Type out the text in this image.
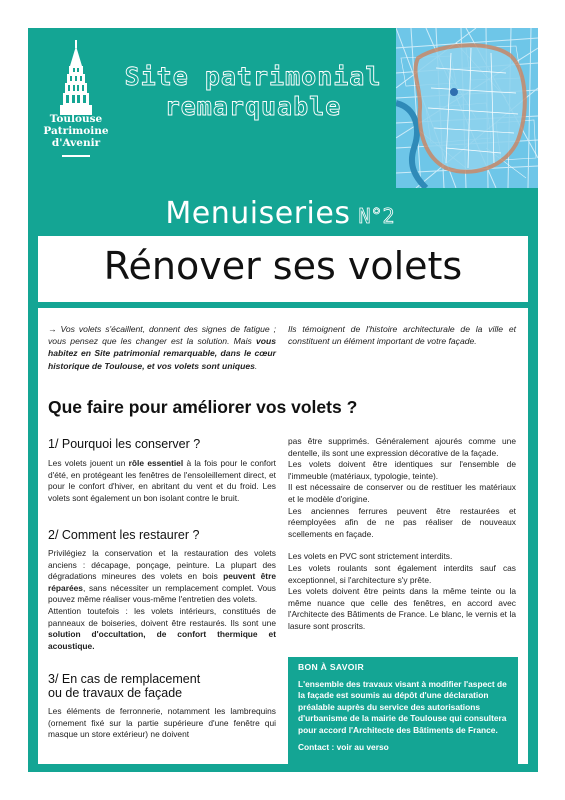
Toulouse
Patrimoine
d'Avenir
Site patrimonial
remarquable
Menuiseries N°2
Rénover ses volets
→ Vos volets s'écaillent, donnent des signes de fatigue ; vous pensez que les changer est la solution. Mais vous habitez en Site patrimonial remarquable, dans le cœur historique de Toulouse, et vos volets sont uniques.
Ils témoignent de l'histoire architecturale de la ville et constituent un élément important de votre façade.
Que faire pour améliorer vos volets ?
1/ Pourquoi les conserver ?
Les volets jouent un rôle essentiel à la fois pour le confort d'été, en protégeant les fenêtres de l'ensoleillement direct, et pour le confort d'hiver, en abritant du vent et du froid. Les volets sont également un bon isolant contre le bruit.
2/ Comment les restaurer ?

Privilégiez la conservation et la restauration des volets anciens : décapage, ponçage, peinture. La plupart des dégradations mineures des volets en bois peuvent être réparées, sans nécessiter un remplacement complet. Vous pouvez même réaliser vous-même l'entretien des volets.

Attention toutefois : les volets intérieurs, constitués de panneaux de boiseries, doivent être restaurés. Ils sont une solution d'occultation, de confort thermique et acoustique.

3/ En cas de remplacement
ou de travaux de façade
Les éléments de ferronnerie, notamment les lambrequins (ornement fixé sur la partie supérieure d'une fenêtre qui masque un store extérieur) ne doivent

pas être supprimés. Généralement ajourés comme une dentelle, ils sont une expression décorative de la façade.

Les volets doivent être identiques sur l'ensemble de l'immeuble (matériaux, typologie, teinte).

Il est nécessaire de conserver ou de restituer les matériaux et le modèle d'origine.

Les anciennes ferrures peuvent être restaurées et réemployées afin de ne pas réaliser de nouveaux scellements en façade.

Les volets en PVC sont strictement interdits.

Les volets roulants sont également interdits sauf cas exceptionnel, si l'architecture s'y prête.

Les volets doivent être peints dans la même teinte ou la même nuance que celle des fenêtres, en accord avec l'Architecte des Bâtiments de France. Le blanc, le vernis et la lasure sont proscrits.

BON À SAVOIR
L'ensemble des travaux visant à modifier l'aspect de la façade est soumis au dépôt d'une déclaration préalable auprès du service des autorisations d'urbanisme de la mairie de Toulouse qui consultera pour accord l'Architecte des Bâtiments de France.
Contact : voir au verso
